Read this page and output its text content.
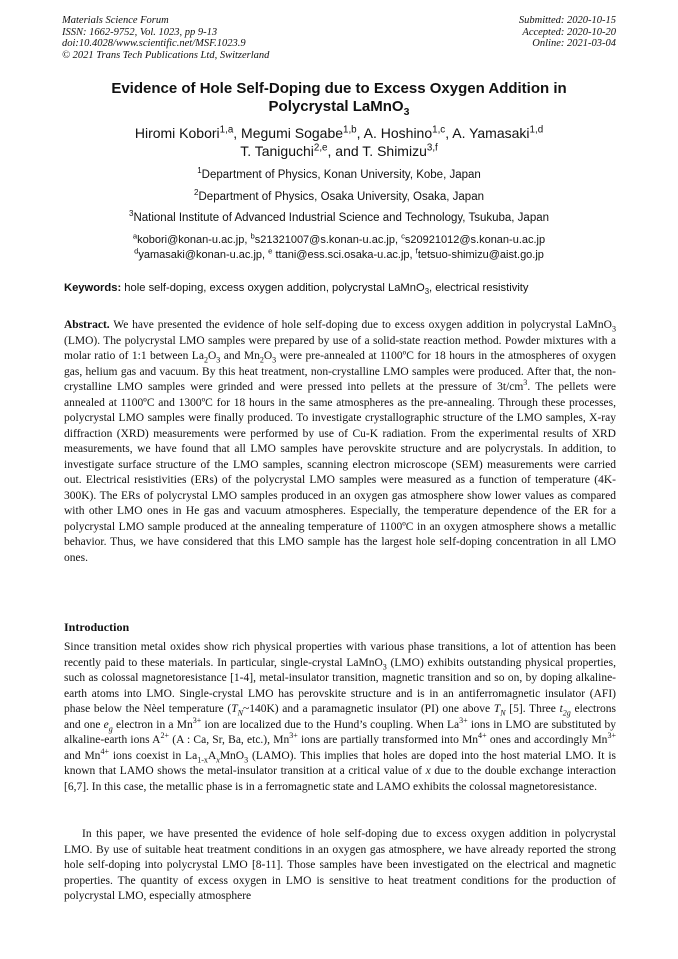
Materials Science Forum
ISSN: 1662-9752, Vol. 1023, pp 9-13
doi:10.4028/www.scientific.net/MSF.1023.9
© 2021 Trans Tech Publications Ltd, Switzerland
Submitted: 2020-10-15
Accepted: 2020-10-20
Online: 2021-03-04
Evidence of Hole Self-Doping due to Excess Oxygen Addition in
Polycrystal LaMnO$_3$
Hiromi Kobori$^{1,a}$, Megumi Sogabe$^{1,b}$, A. Hoshino$^{1,c}$, A. Yamasaki$^{1,d}$
T. Taniguchi$^{2,e}$, and T. Shimizu$^{3,f}$
$^1$Department of Physics, Konan University, Kobe, Japan
$^2$Department of Physics, Osaka University, Osaka, Japan
$^3$National Institute of Advanced Industrial Science and Technology, Tsukuba, Japan
$^a$kobori@konan-u.ac.jp, $^b$s21321007@s.konan-u.ac.jp, $^c$s20921012@s.konan-u.ac.jp
$^d$yamasaki@konan-u.ac.jp, $^e$ ttani@ess.sci.osaka-u.ac.jp, $^f$tetsuo-shimizu@aist.go.jp
Keywords: hole self-doping, excess oxygen addition, polycrystal LaMnO$_3$, electrical resistivity
Abstract. We have presented the evidence of hole self-doping due to excess oxygen addition in polycrystal LaMnO$_3$ (LMO). The polycrystal LMO samples were prepared by use of a solid-state reaction method. Powder mixtures with a molar ratio of 1:1 between $La_2O_3$ and $Mn_2O_3$ were pre-annealed at 1100ºC for 18 hours in the atmospheres of oxygen gas, helium gas and vacuum. By this heat treatment, non-crystalline LMO samples were produced. After that, the non-crystalline LMO samples were grinded and were pressed into pellets at the pressure of $3t/cm^3$. The pellets were annealed at 1100ºC and 1300ºC for 18 hours in the same atmospheres as the pre-annealing. Through these processes, polycrystal LMO samples were finally produced. To investigate crystallographic structure of the LMO samples, X-ray diffraction (XRD) measurements were performed by use of Cu-K radiation. From the experimental results of XRD measurements, we have found that all LMO samples have perovskite structure and are polycrystals. In addition, to investigate surface structure of the LMO samples, scanning electron microscope (SEM) measurements were carried out. Electrical resistivities (ERs) of the polycrystal LMO samples were measured as a function of temperature (4K-300K). The ERs of polycrystal LMO samples produced in an oxygen gas atmosphere show lower values as compared with other LMO ones in He gas and vacuum atmospheres. Especially, the temperature dependence of the ER for a polycrystal LMO sample produced at the annealing temperature of 1100ºC in an oxygen atmosphere shows a metallic behavior. Thus, we have considered that this LMO sample has the largest hole self-doping concentration in all LMO ones.
Introduction
Since transition metal oxides show rich physical properties with various phase transitions, a lot of attention has been recently paid to these materials. In particular, single-crystal LaMnO$_3$ (LMO) exhibits outstanding physical properties, such as colossal magnetoresistance [1-4], metal-insulator transition, magnetic transition and so on, by doping alkaline-earth atoms into LMO. Single-crystal LMO has perovskite structure and is in an antiferromagnetic insulator (AFI) phase below the Nèel temperature $(T_N\sim 140K)$ and a paramagnetic insulator (PI) one above $T_N$ [5]. Three $t_{2g}$ electrons and one $e_g$ electron in a $Mn^{3+}$ ion are localized due to the Hund’s coupling. When $La^{3+}$ ions in LMO are substituted by alkaline-earth ions $A^{2+}$ (A : Ca, Sr, Ba, etc.), $Mn^{3+}$ ions are partially transformed into $Mn^{4+}$ ones and accordingly $Mn^{3+}$ and $Mn^{4+}$ ions coexist in $La_{1-x}A_xMnO_3$ (LAMO). This implies that holes are doped into the host material LMO. It is known that LAMO shows the metal-insulator transition at a critical value of x due to the double exchange interaction [6,7]. In this case, the metallic phase is in a ferromagnetic state and LAMO exhibits the colossal magnetoresistance.
In this paper, we have presented the evidence of hole self-doping due to excess oxygen addition in polycrystal LMO. By use of suitable heat treatment conditions in an oxygen gas atmosphere, we have already reported the strong hole self-doping into polycrystal LMO [8-11]. Those samples have been investigated on the electrical and magnetic properties. The quantity of excess oxygen in LMO is sensitive to heat treatment conditions for the production of polycrystal LMO, especially atmosphere
